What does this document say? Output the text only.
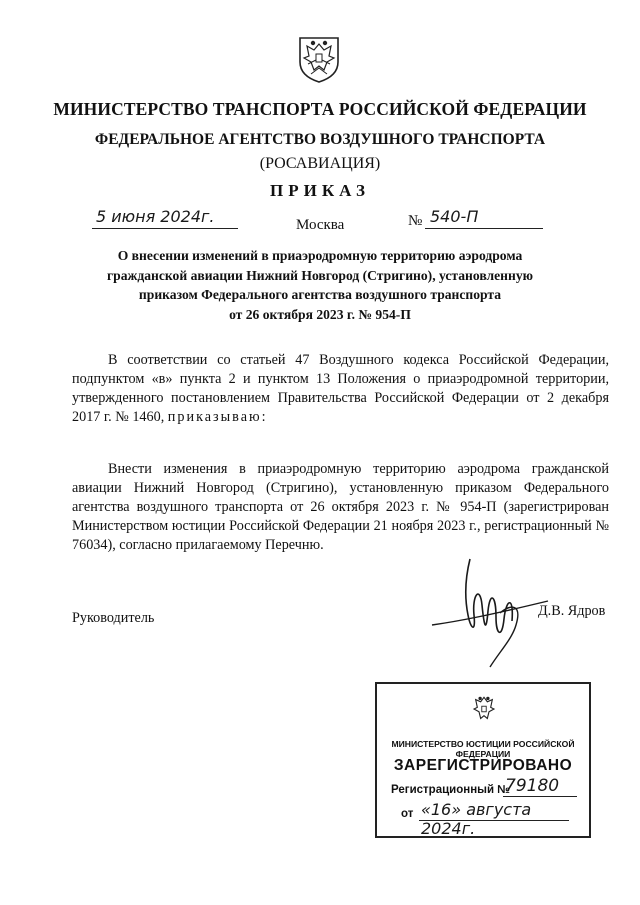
МИНИСТЕРСТВО ТРАНСПОРТА РОССИЙСКОЙ ФЕДЕРАЦИИ
ФЕДЕРАЛЬНОЕ АГЕНТСТВО ВОЗДУШНОГО ТРАНСПОРТА
(РОСАВИАЦИЯ)
ПРИКАЗ
5 июня 2024г.	Москва	№ 540-П
О внесении изменений в приаэродромную территорию аэродрома
гражданской авиации Нижний Новгород (Стригино), установленную
приказом Федерального агентства воздушного транспорта
от 26 октября 2023 г. № 954-П
В соответствии со статьей 47 Воздушного кодекса Российской Федерации, подпунктом «в» пункта 2 и пунктом 13 Положения о приаэродромной территории, утвержденного постановлением Правительства Российской Федерации от 2 декабря 2017 г. № 1460, приказываю:
Внести изменения в приаэродромную территорию аэродрома гражданской авиации Нижний Новгород (Стригино), установленную приказом Федерального агентства воздушного транспорта от 26 октября 2023 г. № 954-П (зарегистрирован Министерством юстиции Российской Федерации 21 ноября 2023 г., регистрационный № 76034), согласно прилагаемому Перечню.
Руководитель	Д.В. Ядров
МИНИСТЕРСТВО ЮСТИЦИИ РОССИЙСКОЙ ФЕДЕРАЦИИ
ЗАРЕГИСТРИРОВАНО
Регистрационный №
79180
от «16» августа 2024г.
